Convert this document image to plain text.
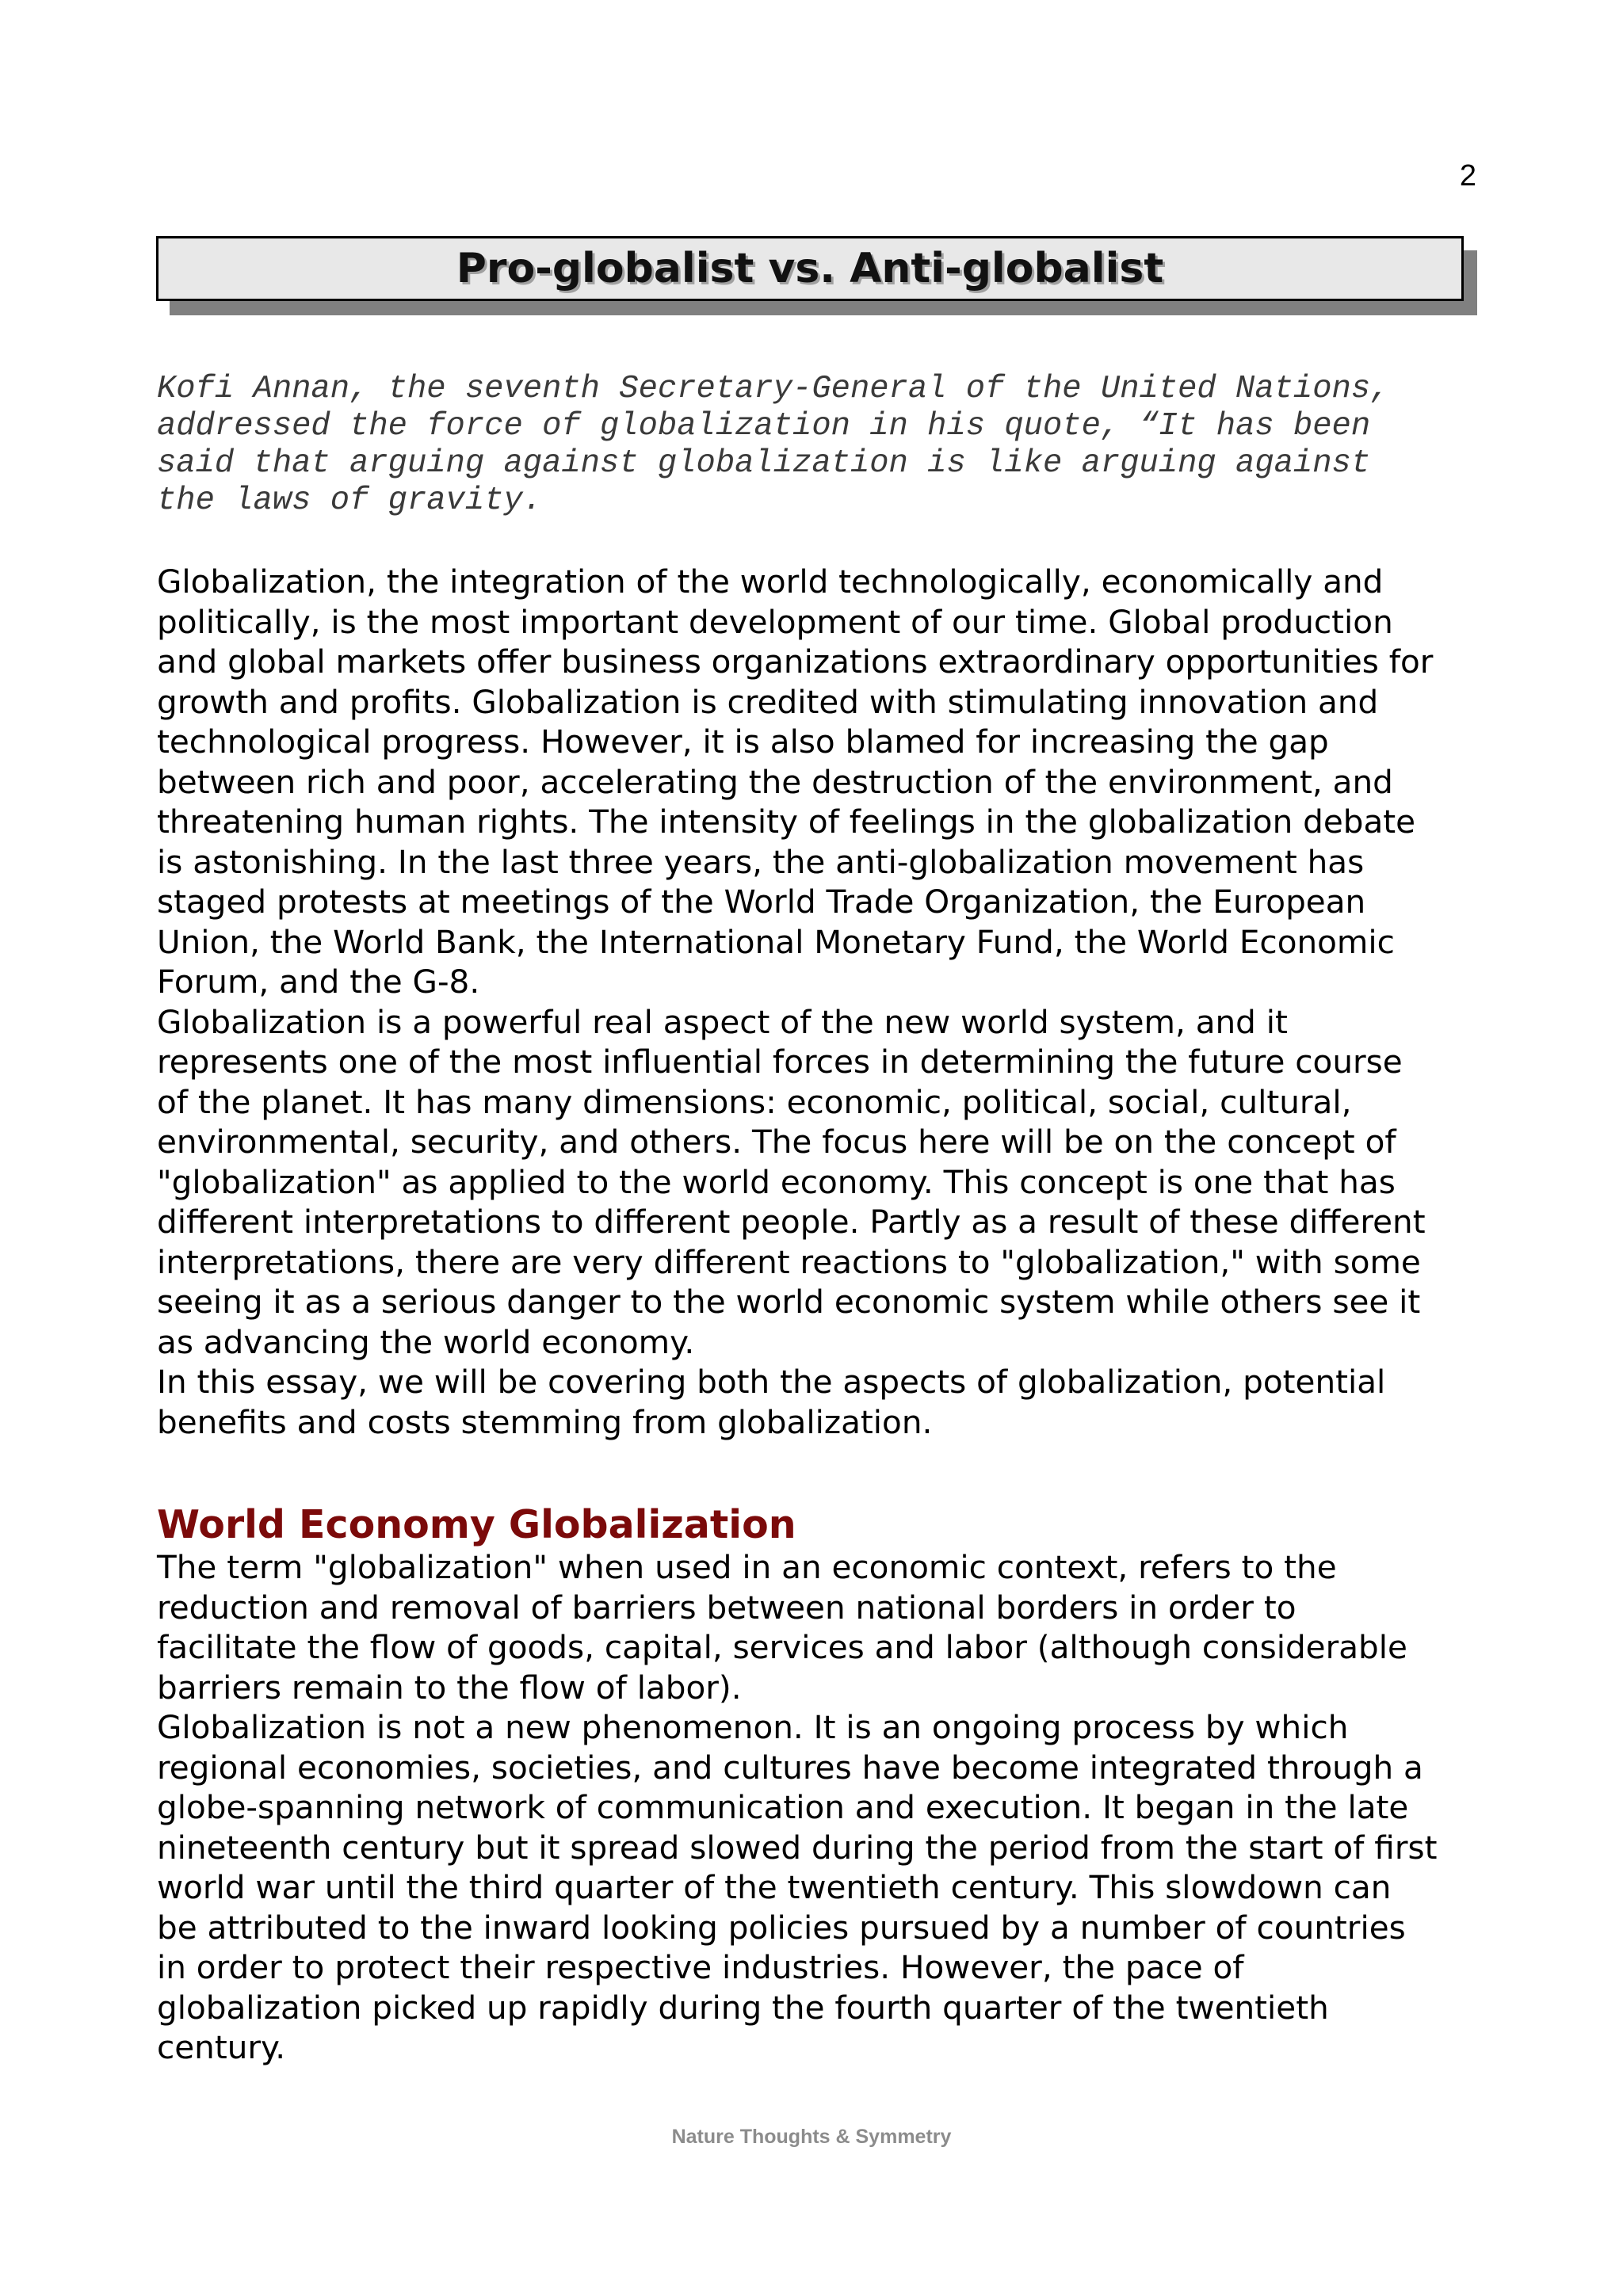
2
Pro-globalist vs. Anti-globalist
Kofi Annan, the seventh Secretary-General of the United Nations,
addressed the force of globalization in his quote, “It has been
said that arguing against globalization is like arguing against
the laws of gravity.
Globalization, the integration of the world technologically, economically and
politically, is the most important development of our time. Global production
and global markets offer business organizations extraordinary opportunities for
growth and profits. Globalization is credited with stimulating innovation and
technological progress. However, it is also blamed for increasing the gap
between rich and poor, accelerating the destruction of the environment, and
threatening human rights. The intensity of feelings in the globalization debate
is astonishing. In the last three years, the anti-globalization movement has
staged protests at meetings of the World Trade Organization, the European
Union, the World Bank, the International Monetary Fund, the World Economic
Forum, and the G-8.
Globalization is a powerful real aspect of the new world system, and it
represents one of the most influential forces in determining the future course
of the planet. It has many dimensions: economic, political, social, cultural,
environmental, security, and others. The focus here will be on the concept of
"globalization" as applied to the world economy. This concept is one that has
different interpretations to different people. Partly as a result of these different
interpretations, there are very different reactions to "globalization," with some
seeing it as a serious danger to the world economic system while others see it
as advancing the world economy.
In this essay, we will be covering both the aspects of globalization, potential
benefits and costs stemming from globalization.
World Economy Globalization
The term "globalization" when used in an economic context, refers to the
reduction and removal of barriers between national borders in order to
facilitate the flow of goods, capital, services and labor (although considerable
barriers remain to the flow of labor).
Globalization is not a new phenomenon. It is an ongoing process by which
regional economies, societies, and cultures have become integrated through a
globe-spanning network of communication and execution. It began in the late
nineteenth century but it spread slowed during the period from the start of first
world war until the third quarter of the twentieth century. This slowdown can
be attributed to the inward looking policies pursued by a number of countries
in order to protect their respective industries. However, the pace of
globalization picked up rapidly during the fourth quarter of the twentieth
century.
Nature Thoughts & Symmetry
